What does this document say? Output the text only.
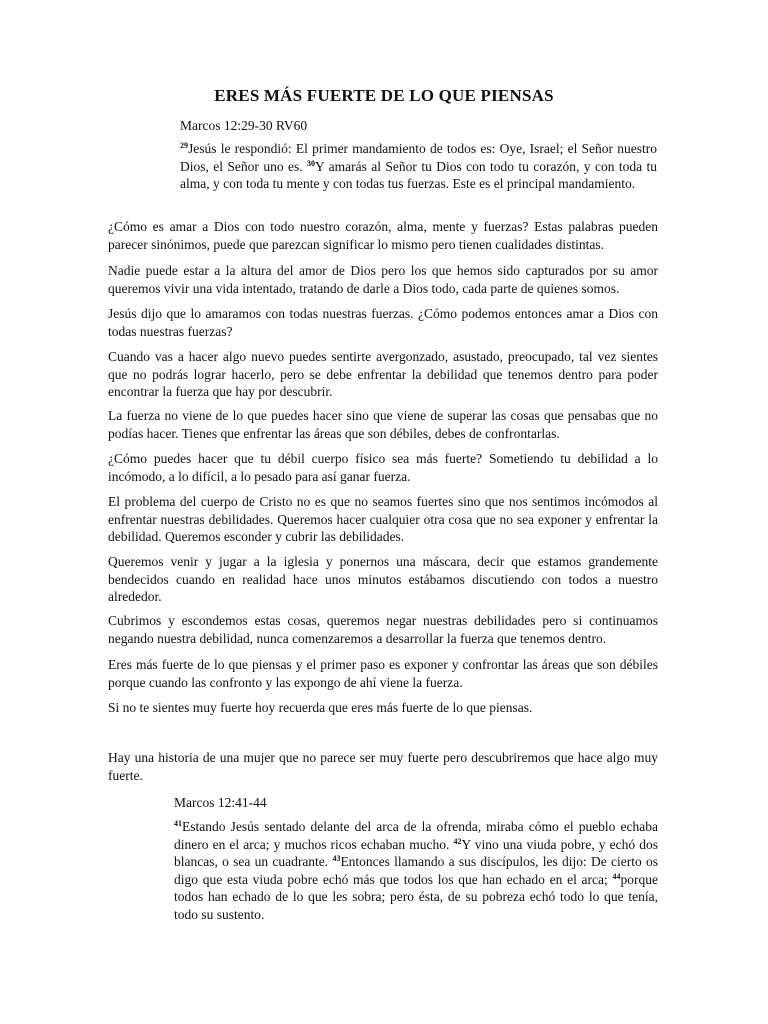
ERES MÁS FUERTE DE LO QUE PIENSAS

Marcos 12:29-30 RV60

$^{29}$Jesús le respondió: El primer mandamiento de todos es: Oye, Israel; el Señor nuestro Dios, el Señor uno es. $^{30}$Y amarás al Señor tu Dios con todo tu corazón, y con toda tu alma, y con toda tu mente y con todas tus fuerzas. Este es el principal mandamiento.

¿Cómo es amar a Dios con todo nuestro corazón, alma, mente y fuerzas? Estas palabras pueden parecer sinónimos, puede que parezcan significar lo mismo pero tienen cualidades distintas.

Nadie puede estar a la altura del amor de Dios pero los que hemos sido capturados por su amor queremos vivir una vida intentado, tratando de darle a Dios todo, cada parte de quienes somos.

Jesús dijo que lo amaramos con todas nuestras fuerzas. ¿Cómo podemos entonces amar a Dios con todas nuestras fuerzas?

Cuando vas a hacer algo nuevo puedes sentirte avergonzado, asustado, preocupado, tal vez sientes que no podrás lograr hacerlo, pero se debe enfrentar la debilidad que tenemos dentro para poder encontrar la fuerza que hay por descubrir.

La fuerza no viene de lo que puedes hacer sino que viene de superar las cosas que pensabas que no podías hacer. Tienes que enfrentar las áreas que son débiles, debes de confrontarlas.

¿Cómo puedes hacer que tu débil cuerpo físico sea más fuerte? Sometiendo tu debilidad a lo incómodo, a lo difícil, a lo pesado para así ganar fuerza.

El problema del cuerpo de Cristo no es que no seamos fuertes sino que nos sentimos incómodos al enfrentar nuestras debilidades. Queremos hacer cualquier otra cosa que no sea exponer y enfrentar la debilidad. Queremos esconder y cubrir las debilidades.

Queremos venir y jugar a la iglesia y ponernos una máscara, decir que estamos grandemente bendecidos cuando en realidad hace unos minutos estábamos discutiendo con todos a nuestro alrededor.

Cubrimos y escondemos estas cosas, queremos negar nuestras debilidades pero si continuamos negando nuestra debilidad, nunca comenzaremos a desarrollar la fuerza que tenemos dentro.

Eres más fuerte de lo que piensas y el primer paso es exponer y confrontar las áreas que son débiles porque cuando las confronto y las expongo de ahí viene la fuerza.

Si no te sientes muy fuerte hoy recuerda que eres más fuerte de lo que piensas.

Hay una historia de una mujer que no parece ser muy fuerte pero descubriremos que hace algo muy fuerte.

Marcos 12:41-44

$^{41}$Estando Jesús sentado delante del arca de la ofrenda, miraba cómo el pueblo echaba dinero en el arca; y muchos ricos echaban mucho. $^{42}$Y vino una viuda pobre, y echó dos blancas, o sea un cuadrante. $^{43}$Entonces llamando a sus discípulos, les dijo: De cierto os digo que esta viuda pobre echó más que todos los que han echado en el arca; $^{44}$porque todos han echado de lo que les sobra; pero ésta, de su pobreza echó todo lo que tenía, todo su sustento.
